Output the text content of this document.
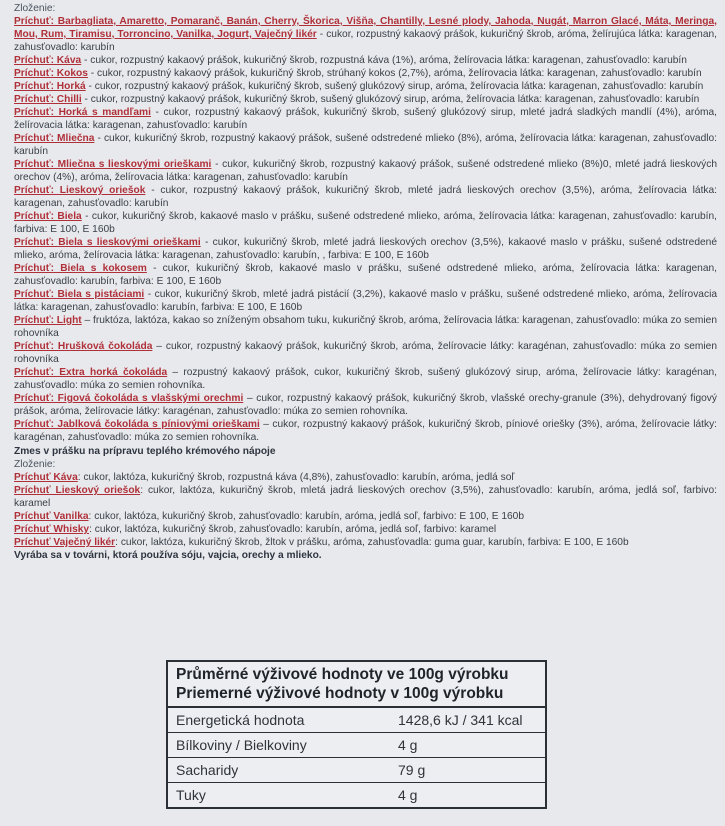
Zloženie:

Príchuť: Barbagliata, Amaretto, Pomaranč, Banán, Cherry, Škorica, Višňa, Chantilly, Lesné plody, Jahoda, Nugát, Marron Glacé, Máta, Meringa, Mou, Rum, Tiramisu, Torroncino, Vanilka, Jogurt, Vaječný likér - cukor, rozpustný kakaový prášok, kukuričný škrob, aróma, želírujúca látka: karagenan, zahusťovadlo: karubín

Príchuť: Káva - cukor, rozpustný kakaový prášok, kukuričný škrob, rozpustná káva (1%), aróma, želírovacia látka: karagenan, zahusťovadlo: karubín

Príchuť: Kokos - cukor, rozpustný kakaový prášok, kukuričný škrob, strúhaný kokos (2,7%), aróma, želírovacia látka: karagenan, zahusťovadlo: karubín

Príchuť: Horká - cukor, rozpustný kakaový prášok, kukuričný škrob, sušený glukózový sirup, aróma, želírovacia látka: karagenan, zahusťovadlo: karubín

Príchuť: Chilli - cukor, rozpustný kakaový prášok, kukuričný škrob, sušený glukózový sirup, aróma, želírovacia látka: karagenan, zahusťovadlo: karubín

Príchuť: Horká s mandľami - cukor, rozpustný kakaový prášok, kukuričný škrob, sušený glukózový sirup, mleté jadrá sladkých mandlí (4%), aróma, želírovacia látka: karagenan, zahusťovadlo: karubín

Príchuť: Mliečna - cukor, kukuričný škrob, rozpustný kakaový prášok, sušené odstredené mlieko (8%), aróma, želírovacia látka: karagenan, zahusťovadlo: karubín

Príchuť: Mliečna s lieskovými orieškami - cukor, kukuričný škrob, rozpustný kakaový prášok, sušené odstredené mlieko (8%)0, mleté jadrá lieskových orechov (4%), aróma, želírovacia látka: karagenan, zahusťovadlo: karubín

Príchuť: Lieskový oriešok - cukor, rozpustný kakaový prášok, kukuričný škrob, mleté jadrá lieskových orechov (3,5%), aróma, želírovacia látka: karagenan, zahusťovadlo: karubín

Príchuť: Biela - cukor, kukuričný škrob, kakaové maslo v prášku, sušené odstredené mlieko, aróma, želírovacia látka: karagenan, zahusťovadlo: karubín, farbiva: E 100, E 160b

Príchuť: Biela s lieskovými orieškami - cukor, kukuričný škrob, mleté jadrá lieskových orechov (3,5%), kakaové maslo v prášku, sušené odstredené mlieko, aróma, želírovacia látka: karagenan, zahusťovadlo: karubín, , farbiva: E 100, E 160b

Príchuť: Biela s kokosem - cukor, kukuričný škrob, kakaové maslo v prášku, sušené odstredené mlieko, aróma, želírovacia látka: karagenan, zahusťovadlo: karubín, farbiva: E 100, E 160b

Príchuť: Biela s pistáciami - cukor, kukuričný škrob, mleté jadrá pistácií (3,2%), kakaové maslo v prášku, sušené odstredené mlieko, aróma, želírovacia látka: karagenan, zahusťovadlo: karubín, farbiva: E 100, E 160b

Príchuť: Light – fruktóza, laktóza, kakao so zníženým obsahom tuku, kukuričný škrob, aróma, želírovacia látka: karagenan, zahusťovadlo: múka zo semien rohovníka

Príchuť: Hrušková čokoláda – cukor, rozpustný kakaový prášok, kukuričný škrob, aróma, želírovacie látky: karagénan, zahusťovadlo: múka zo semien rohovníka

Príchuť: Extra horká čokoláda – rozpustný kakaový prášok, cukor, kukuričný škrob, sušený glukózový sirup, aróma, želírovacie látky: karagénan, zahusťovadlo: múka zo semien rohovníka.

Príchuť: Figová čokoláda s vlašskými orechmi – cukor, rozpustný kakaový prášok, kukuričný škrob, vlašské orechy-granule (3%), dehydrovaný figový prášok, aróma, želírovacie látky: karagénan, zahusťovadlo: múka zo semien rohovníka.

Príchuť: Jablková čokoláda s píniovými orieškami – cukor, rozpustný kakaový prášok, kukuričný škrob, píniové oriešky (3%), aróma, želírovacie látky: karagénan, zahusťovadlo: múka zo semien rohovníka.

Zmes v prášku na prípravu teplého krémového nápoje

Zloženie:

Príchuť Káva: cukor, laktóza, kukuričný škrob, rozpustná káva (4,8%), zahusťovadlo: karubín, aróma, jedlá soľ

Príchuť Lieskový oriešok: cukor, laktóza, kukuričný škrob, mletá jadrá lieskových orechov (3,5%), zahusťovadlo: karubín, aróma, jedlá soľ, farbivo: karamel

Príchuť Vanilka: cukor, laktóza, kukuričný škrob, zahusťovadlo: karubín, aróma, jedlá soľ, farbivo: E 100, E 160b

Príchuť Whisky: cukor, laktóza, kukuričný škrob, zahusťovadlo: karubín, aróma, jedlá soľ, farbivo: karamel

Príchuť Vaječný likér: cukor, laktóza, kukuričný škrob, žltok v prášku, aróma, zahusťovadla: guma guar, karubín, farbiva: E 100, E 160b

Vyrába sa v továrni, ktorá používa sóju, vajcia, orechy a mlieko.

Průměrné výživové hodnoty ve 100g výrobku
Priemerné výživové hodnoty v 100g výrobku
Energetická hodnota	1428,6 kJ / 341 kcal
Bílkoviny / Bielkoviny	4 g
Sacharidy	79 g
Tuky	4 g
